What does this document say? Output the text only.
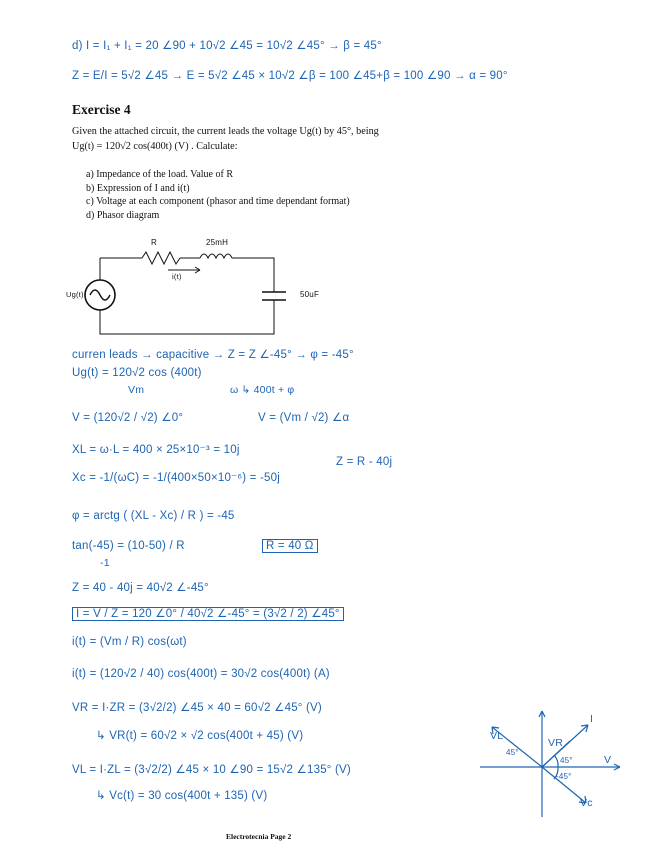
d) I = I₁ + I₁ = 20 ∠90 + 10√2 ∠45 = 10√2 ∠45° → β = 45°
Z = E/I = 5√2 ∠45 → E = 5√2 ∠45 × 10√2 ∠β = 100 ∠45+β = 100 ∠90 → α = 90°
Exercise 4
Given the attached circuit, the current leads the voltage Ug(t) by 45°, being
Ug(t) = 120√2 cos(400t) (V) . Calculate:
a) Impedance of the load. Value of R
b) Expression of I and i(t)
c) Voltage at each component (phasor and time dependant format)
d) Phasor diagram
R	25mH
i(t)
Ug(t)	50uF
curren leads → capacitive → Z = Z ∠-45° → φ = -45°
Ug(t) = 120√2 cos (400t)
Vm	ω ↳ 400t + φ
V = (120√2 / √2) ∠0°	V = (Vm / √2) ∠α
XL = ω·L = 400 × 25×10⁻³ = 10j
Xc = -1/(ωC) = -1/(400×50×10⁻⁶) = -50j
Z = R - 40j
φ = arctg ( (XL - Xc) / R ) = -45
tan(-45) = (10-50) / R
-1
R = 40 Ω
Z = 40 - 40j = 40√2 ∠-45°
I = V / Z = 120 ∠0° / 40√2 ∠-45° = (3√2 / 2) ∠45°
i(t) = (Vm / R) cos(ωt)
i(t) = (120√2 / 40) cos(400t) = 30√2 cos(400t) (A)
VR = I·ZR = (3√2/2) ∠45 × 40 = 60√2 ∠45° (V)
↳ VR(t) = 60√2 × √2 cos(400t + 45) (V)
VL = I·ZL = (3√2/2) ∠45 × 10 ∠90 = 15√2 ∠135° (V)
↳ Vc(t) = 30 cos(400t + 135) (V)
I
VR
V
VL
Vc
45°
45°
-45°
Electrotecnia Page 2
